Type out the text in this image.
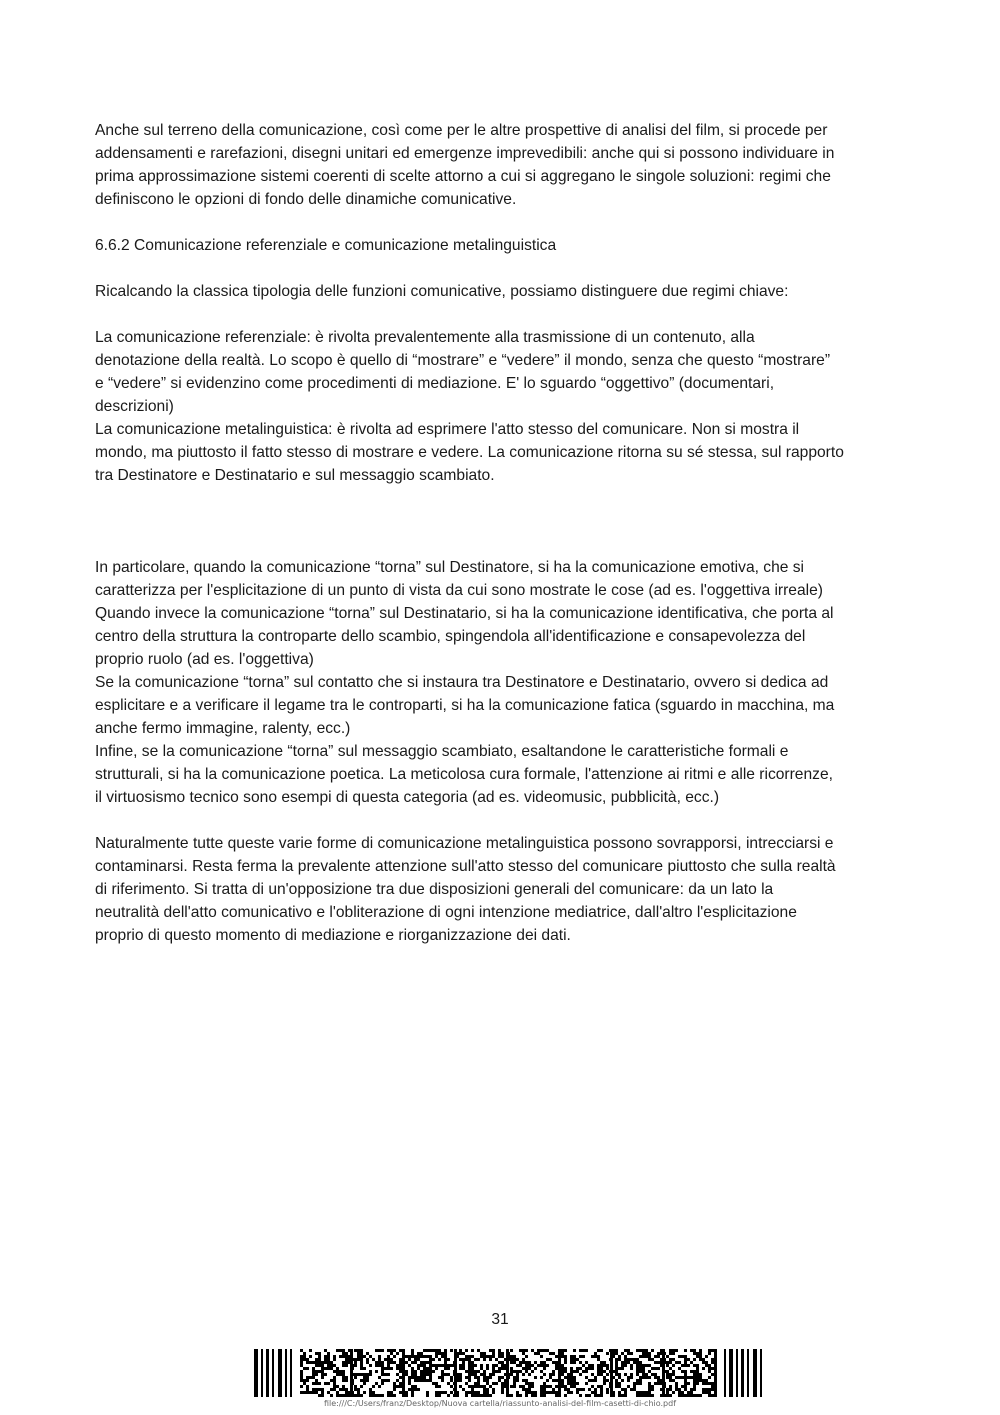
Anche sul terreno della comunicazione, così come per le altre prospettive di analisi del film, si procede per
addensamenti e rarefazioni, disegni unitari ed emergenze imprevedibili: anche qui si possono individuare in
prima approssimazione sistemi coerenti di scelte attorno a cui si aggregano le singole soluzioni: regimi che
definiscono le opzioni di fondo delle dinamiche comunicative.

6.6.2 Comunicazione referenziale e comunicazione metalinguistica

Ricalcando la classica tipologia delle funzioni comunicative, possiamo distinguere due regimi chiave:

La comunicazione referenziale: è rivolta prevalentemente alla trasmissione di un contenuto, alla
denotazione della realtà. Lo scopo è quello di “mostrare” e “vedere” il mondo, senza che questo “mostrare”
e “vedere” si evidenzino come procedimenti di mediazione. E' lo sguardo “oggettivo” (documentari,
descrizioni)
La comunicazione metalinguistica: è rivolta ad esprimere l'atto stesso del comunicare. Non si mostra il
mondo, ma piuttosto il fatto stesso di mostrare e vedere. La comunicazione ritorna su sé stessa, sul rapporto
tra Destinatore e Destinatario e sul messaggio scambiato.

In particolare, quando la comunicazione “torna” sul Destinatore, si ha la comunicazione emotiva, che si
caratterizza per l'esplicitazione di un punto di vista da cui sono mostrate le cose (ad es. l'oggettiva irreale)
Quando invece la comunicazione “torna” sul Destinatario, si ha la comunicazione identificativa, che porta al
centro della struttura la controparte dello scambio, spingendola all'identificazione e consapevolezza del
proprio ruolo (ad es. l'oggettiva)
Se la comunicazione “torna” sul contatto che si instaura tra Destinatore e Destinatario, ovvero si dedica ad
esplicitare e a verificare il legame tra le controparti, si ha la comunicazione fatica (sguardo in macchina, ma
anche fermo immagine, ralenty, ecc.)
Infine, se la comunicazione “torna” sul messaggio scambiato, esaltandone le caratteristiche formali e
strutturali, si ha la comunicazione poetica. La meticolosa cura formale, l'attenzione ai ritmi e alle ricorrenze,
il virtuosismo tecnico sono esempi di questa categoria (ad es. videomusic, pubblicità, ecc.)

Naturalmente tutte queste varie forme di comunicazione metalinguistica possono sovrapporsi, intrecciarsi e
contaminarsi. Resta ferma la prevalente attenzione sull'atto stesso del comunicare piuttosto che sulla realtà
di riferimento. Si tratta di un'opposizione tra due disposizioni generali del comunicare: da un lato la
neutralità dell'atto comunicativo e l'obliterazione di ogni intenzione mediatrice, dall'altro l'esplicitazione
proprio di questo momento di mediazione e riorganizzazione dei dati.

31
file:///C:/Users/franz/Desktop/Nuova cartella/riassunto-analisi-del-film-casetti-di-chio.pdf
